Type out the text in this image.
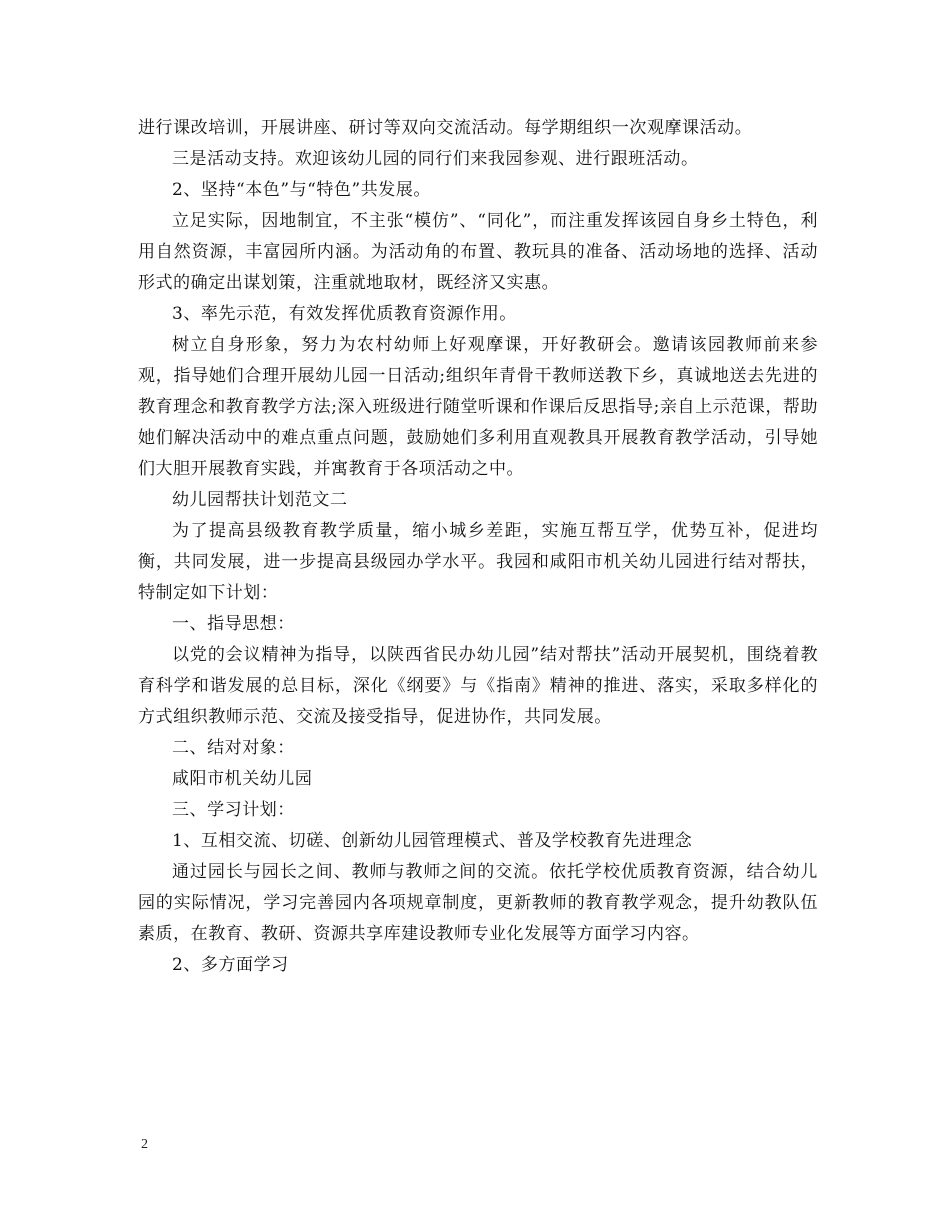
进行课改培训，开展讲座、研讨等双向交流活动。每学期组织一次观摩课活动。

三是活动支持。欢迎该幼儿园的同行们来我园参观、进行跟班活动。

2、坚持“本色”与“特色”共发展。

立足实际，因地制宜，不主张“模仿”、“同化”，而注重发挥该园自身乡土特色，利用自然资源，丰富园所内涵。为活动角的布置、教玩具的准备、活动场地的选择、活动形式的确定出谋划策，注重就地取材，既经济又实惠。

3、率先示范，有效发挥优质教育资源作用。

树立自身形象，努力为农村幼师上好观摩课，开好教研会。邀请该园教师前来参观，指导她们合理开展幼儿园一日活动;组织年青骨干教师送教下乡，真诚地送去先进的教育理念和教育教学方法;深入班级进行随堂听课和作课后反思指导;亲自上示范课，帮助她们解决活动中的难点重点问题，鼓励她们多利用直观教具开展教育教学活动，引导她们大胆开展教育实践，并寓教育于各项活动之中。

幼儿园帮扶计划范文二

为了提高县级教育教学质量，缩小城乡差距，实施互帮互学，优势互补，促进均衡，共同发展，进一步提高县级园办学水平。我园和咸阳市机关幼儿园进行结对帮扶，特制定如下计划：

一、指导思想：

以党的会议精神为指导，以陕西省民办幼儿园”结对帮扶”活动开展契机，围绕着教育科学和谐发展的总目标，深化《纲要》与《指南》精神的推进、落实，采取多样化的方式组织教师示范、交流及接受指导，促进协作，共同发展。

二、结对对象：

咸阳市机关幼儿园

三、学习计划：

1、互相交流、切磋、创新幼儿园管理模式、普及学校教育先进理念

通过园长与园长之间、教师与教师之间的交流。依托学校优质教育资源，结合幼儿园的实际情况，学习完善园内各项规章制度，更新教师的教育教学观念，提升幼教队伍素质，在教育、教研、资源共享库建设教师专业化发展等方面学习内容。

2、多方面学习

2
